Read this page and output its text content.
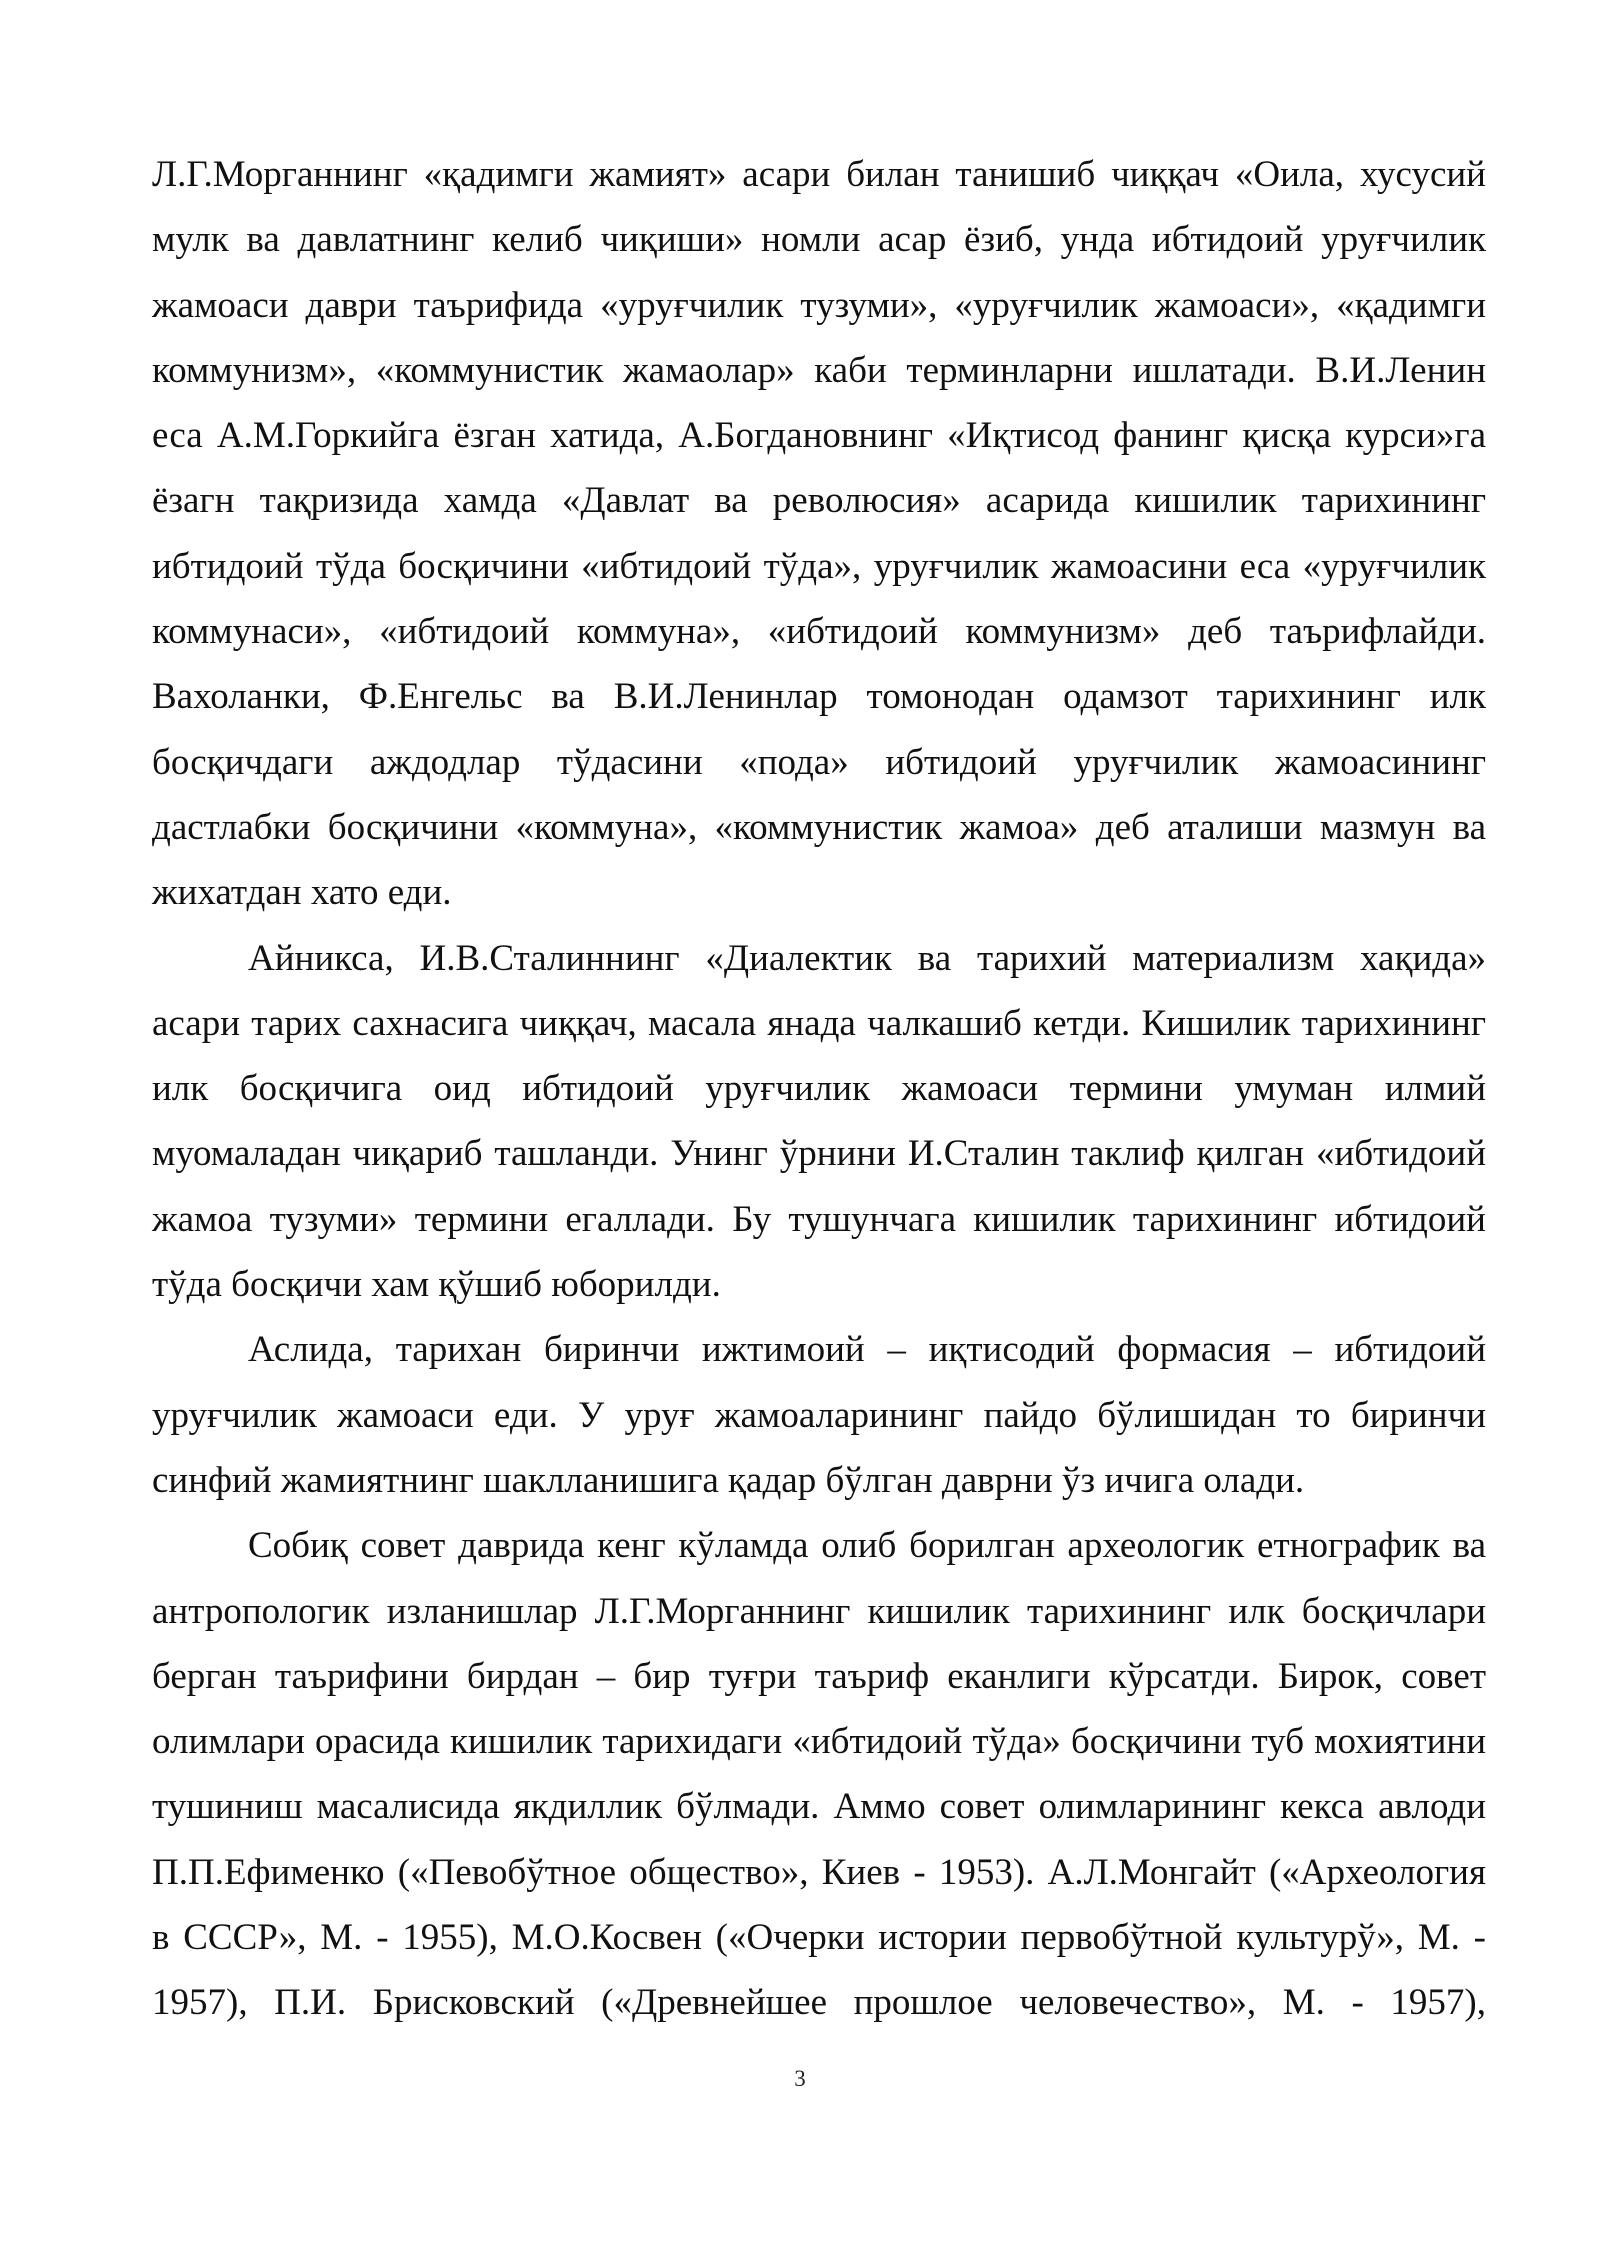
Л.Г.Морганнинг «қадимги жамият» асари билан танишиб чиққач «Оила, хусусий
мулк ва давлатнинг келиб чиқиши» номли асар ёзиб, унда ибтидоий уруғчилик
жамоаси даври таърифида «уруғчилик тузуми», «уруғчилик жамоаси», «қадимги
коммунизм», «коммунистик жамаолар» каби терминларни ишлатади. В.И.Ленин
еса А.М.Горкийга ёзган хатида, А.Богдановнинг «Иқтисод фанинг қисқа курси»га
ёзагн тақризида хамда «Давлат ва революсия» асарида кишилик тарихининг
ибтидоий тўда босқичини «ибтидоий тўда», уруғчилик жамоасини еса «уруғчилик
коммунаси», «ибтидоий коммуна», «ибтидоий коммунизм» деб таърифлайди.
Вахоланки, Ф.Енгельс ва В.И.Ленинлар томонодан одамзот тарихининг илк
босқичдаги аждодлар тўдасини «пода» ибтидоий уруғчилик жамоасининг
дастлабки босқичини «коммуна», «коммунистик жамоа» деб аталиши мазмун ва
жихатдан хато еди.

Айникса, И.В.Сталиннинг «Диалектик ва тарихий материализм хақида»
асари тарих сахнасига чиққач, масала янада чалкашиб кетди. Кишилик тарихининг
илк босқичига оид ибтидоий уруғчилик жамоаси термини умуман илмий
муомаладан чиқариб ташланди. Унинг ўрнини И.Сталин таклиф қилган «ибтидоий
жамоа тузуми» термини егаллади. Бу тушунчага кишилик тарихининг ибтидоий
тўда босқичи хам қўшиб юборилди.

Аслида, тарихан биринчи ижтимоий – иқтисодий формасия – ибтидоий
уруғчилик жамоаси еди. У уруғ жамоаларининг пайдо бўлишидан то биринчи
синфий жамиятнинг шаклланишига қадар бўлган даврни ўз ичига олади.

Собиқ совет даврида кенг кўламда олиб борилган археологик етнографик ва
антропологик изланишлар Л.Г.Морганнинг кишилик тарихининг илк босқичлари
берган таърифини бирдан – бир туғри таъриф еканлиги кўрсатди. Бирок, совет
олимлари орасида кишилик тарихидаги «ибтидоий тўда» босқичини туб мохиятини
тушиниш масалисида якдиллик бўлмади. Аммо совет олимларининг кекса авлоди
П.П.Ефименко («Певобўтное общество», Киев - 1953). А.Л.Монгайт («Археология
в СССР», М. - 1955), М.О.Косвен («Очерки истории первобўтной культурў», М. -
1957), П.И. Брисковский («Древнейшее прошлое человечество», М. - 1957),

3
